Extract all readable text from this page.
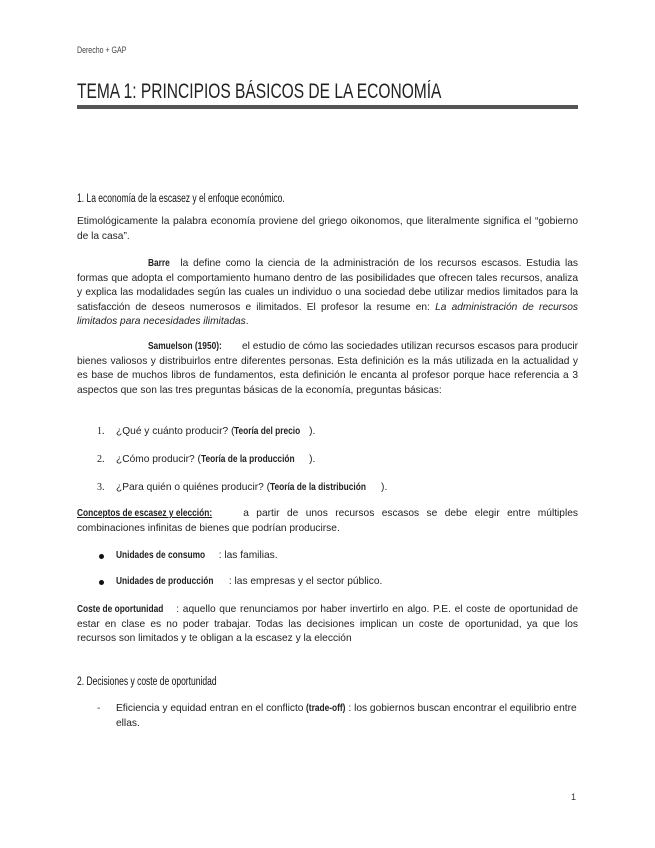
Derecho + GAP
TEMA 1: PRINCIPIOS BÁSICOS DE LA ECONOMÍA
1. La economía de la escasez y el enfoque económico.
Etimológicamente la palabra economía proviene del griego oikonomos, que literalmente significa el “gobierno de la casa”.
Barre la define como la ciencia de la administración de los recursos escasos. Estudia las formas que adopta el comportamiento humano dentro de las posibilidades que ofrecen tales recursos, analiza y explica las modalidades según las cuales un individuo o una sociedad debe utilizar medios limitados para la satisfacción de deseos numerosos e ilimitados. El profesor la resume en: La administración de recursos limitados para necesidades ilimitadas.
Samuelson (1950): el estudio de cómo las sociedades utilizan recursos escasos para producir bienes valiosos y distribuirlos entre diferentes personas. Esta definición es la más utilizada en la actualidad y es base de muchos libros de fundamentos, esta definición le encanta al profesor porque hace referencia a 3 aspectos que son las tres preguntas básicas de la economía, preguntas básicas:
1.	¿Qué y cuánto producir? (Teoría del precio ).
2.	¿Cómo producir? (Teoría de la producción ).
3.	¿Para quién o quiénes producir? (Teoría de la distribución ).
Conceptos de escasez y elección: a partir de unos recursos escasos se debe elegir entre múltiples combinaciones infinitas de bienes que podrían producirse.
Unidades de consumo : las familias.
Unidades de producción : las empresas y el sector público.
Coste de oportunidad : aquello que renunciamos por haber invertirlo en algo. P.E. el coste de oportunidad de estar en clase es no poder trabajar. Todas las decisiones implican un coste de oportunidad, ya que los recursos son limitados y te obligan a la escasez y la elección
2. Decisiones y coste de oportunidad
- Eficiencia y equidad entran en el conflicto (trade-off) : los gobiernos buscan encontrar el equilibrio entre ellas.
1
